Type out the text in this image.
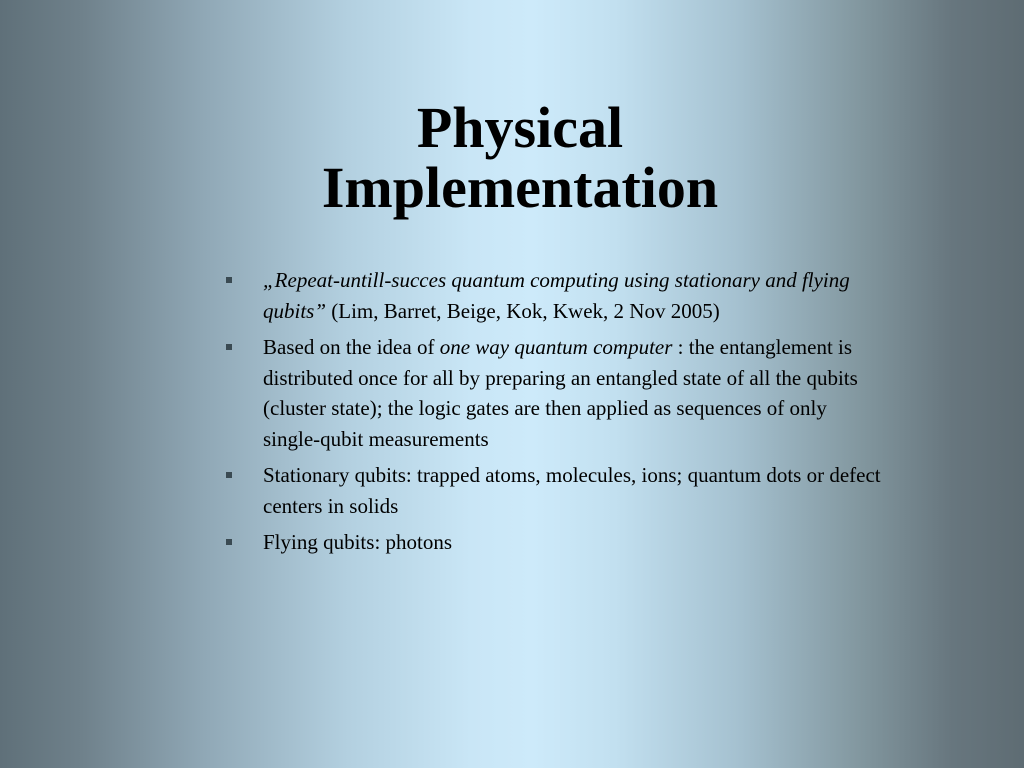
Physical
Implementation
„Repeat-untill-succes quantum computing using stationary and flying qubits” (Lim, Barret, Beige, Kok, Kwek, 2 Nov 2005)
Based on the idea of one way quantum computer : the entanglement is distributed once for all by preparing an entangled state of all the qubits (cluster state); the logic gates are then applied as sequences of only single-qubit measurements
Stationary qubits: trapped atoms, molecules, ions; quantum dots or defect centers in solids
Flying qubits: photons
